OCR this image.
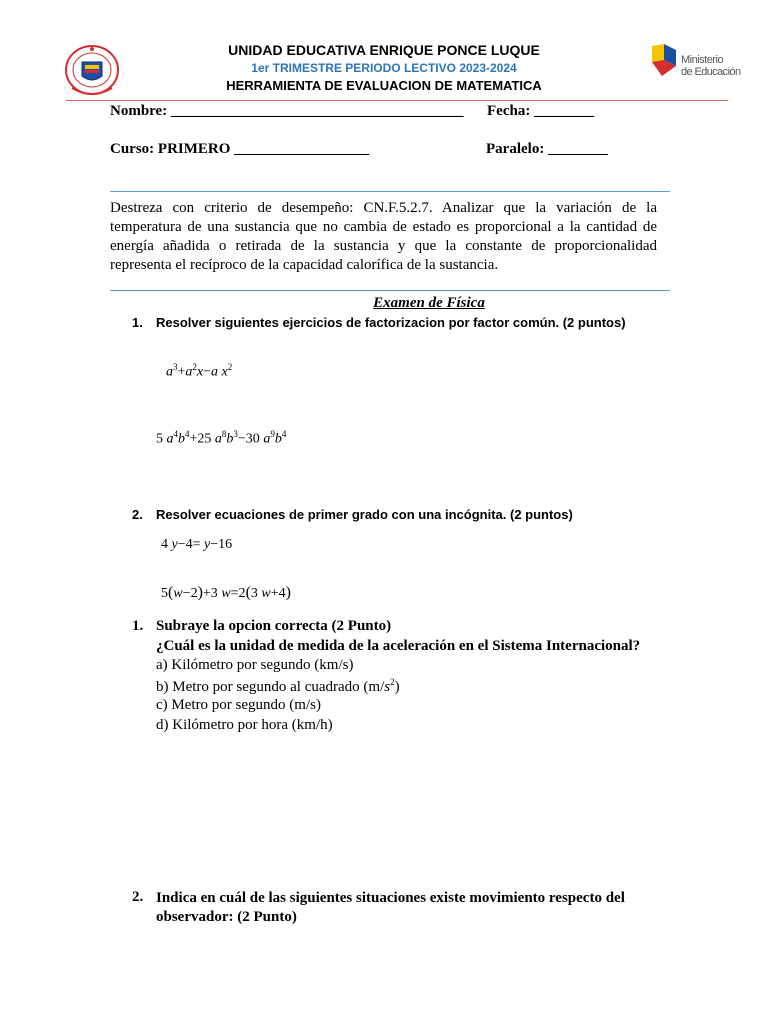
Ministerio
de Educación
UNIDAD EDUCATIVA ENRIQUE PONCE LUQUE
1er TRIMESTRE PERIODO LECTIVO 2023-2024
HERRAMIENTA DE EVALUACION DE MATEMATICA
Nombre: _______________________________________ Fecha: ________
Curso: PRIMERO __________________	Paralelo: ________
Destreza con criterio de desempeño: CN.F.5.2.7. Analizar que la variación de la temperatura de una sustancia que no cambia de estado es proporcional a la cantidad de energía añadida o retirada de la sustancia y que la constante de proporcionalidad representa el recíproco de la capacidad calorífica de la sustancia.
Examen de Física
1. Resolver siguientes ejercicios de factorizacion por factor común. (2 puntos)
$a^3+a^2x-a$ $x^2$
5 $a^4b^4+25$ $a^8b^3-30$ $a^9b^4$
2. Resolver ecuaciones de primer grado con una incógnita. (2 puntos)
4 y−4= y−16
5(w−2)+3 w=2(3 w+4)
1. Subraye la opcion correcta (2 Punto)
¿Cuál es la unidad de medida de la aceleración en el Sistema Internacional?
a) Kilómetro por segundo (km/s)
b) Metro por segundo al cuadrado $(m/s^2)$
c) Metro por segundo (m/s)
d) Kilómetro por hora (km/h)
2. Indica en cuál de las siguientes situaciones existe movimiento respecto del observador: (2 Punto)
